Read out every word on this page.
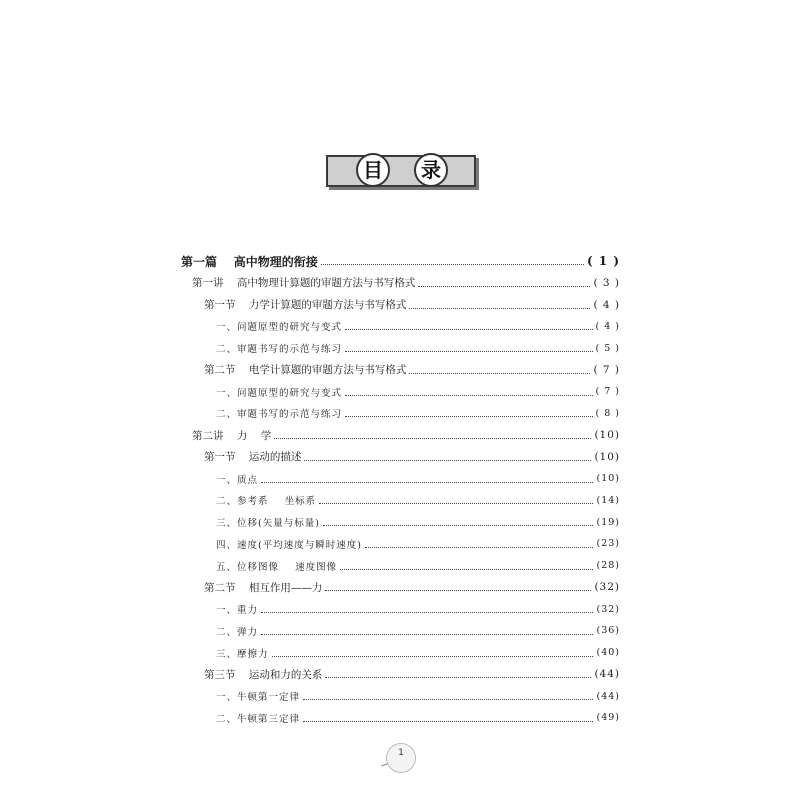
目	录
第一篇    高中物理的衔接	( 1 )
第一讲    高中物理计算题的审题方法与书写格式	( 3 )
第一节    力学计算题的审题方法与书写格式	( 4 )
一、问题原型的研究与变式	( 4 )
二、审题书写的示范与练习	( 5 )
第二节    电学计算题的审题方法与书写格式	( 7 )
一、问题原型的研究与变式	( 7 )
二、审题书写的示范与练习	( 8 )
第二讲    力    学	(10)
第一节    运动的描述	(10)
一、质点	(10)
二、参考系    坐标系	(14)
三、位移(矢量与标量)	(19)
四、速度(平均速度与瞬时速度)	(23)
五、位移图像    速度图像	(28)
第二节    相互作用——力	(32)
一、重力	(32)
二、弹力	(36)
三、摩擦力	(40)
第三节    运动和力的关系	(44)
一、牛顿第一定律	(44)
二、牛顿第三定律	(49)
1
